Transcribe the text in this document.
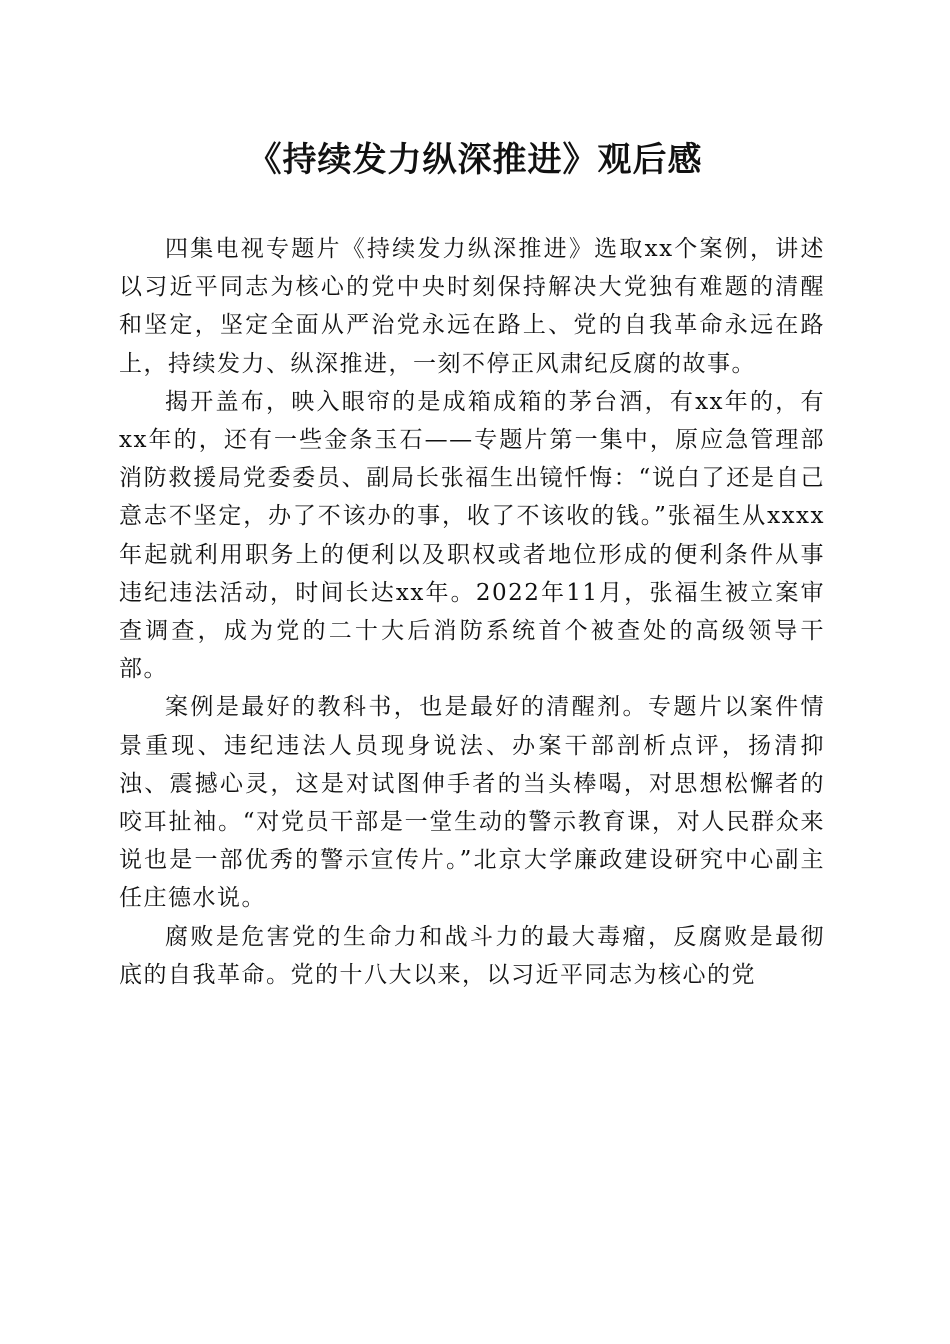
《持续发力纵深推进》观后感

四集电视专题片《持续发力纵深推进》选取xx个案例，讲述以习近平同志为核心的党中央时刻保持解决大党独有难题的清醒和坚定，坚定全面从严治党永远在路上、党的自我革命永远在路上，持续发力、纵深推进，一刻不停正风肃纪反腐的故事。

揭开盖布，映入眼帘的是成箱成箱的茅台酒，有xx年的，有xx年的，还有一些金条玉石——专题片第一集中，原应急管理部消防救援局党委委员、副局长张福生出镜忏悔：“说白了还是自己意志不坚定，办了不该办的事，收了不该收的钱。”张福生从xxxx年起就利用职务上的便利以及职权或者地位形成的便利条件从事违纪违法活动，时间长达xx年。2022年11月，张福生被立案审查调查，成为党的二十大后消防系统首个被查处的高级领导干部。

案例是最好的教科书，也是最好的清醒剂。专题片以案件情景重现、违纪违法人员现身说法、办案干部剖析点评，扬清抑浊、震撼心灵，这是对试图伸手者的当头棒喝，对思想松懈者的咬耳扯袖。“对党员干部是一堂生动的警示教育课，对人民群众来说也是一部优秀的警示宣传片。”北京大学廉政建设研究中心副主任庄德水说。

腐败是危害党的生命力和战斗力的最大毒瘤，反腐败是最彻底的自我革命。党的十八大以来，以习近平同志为核心的党
